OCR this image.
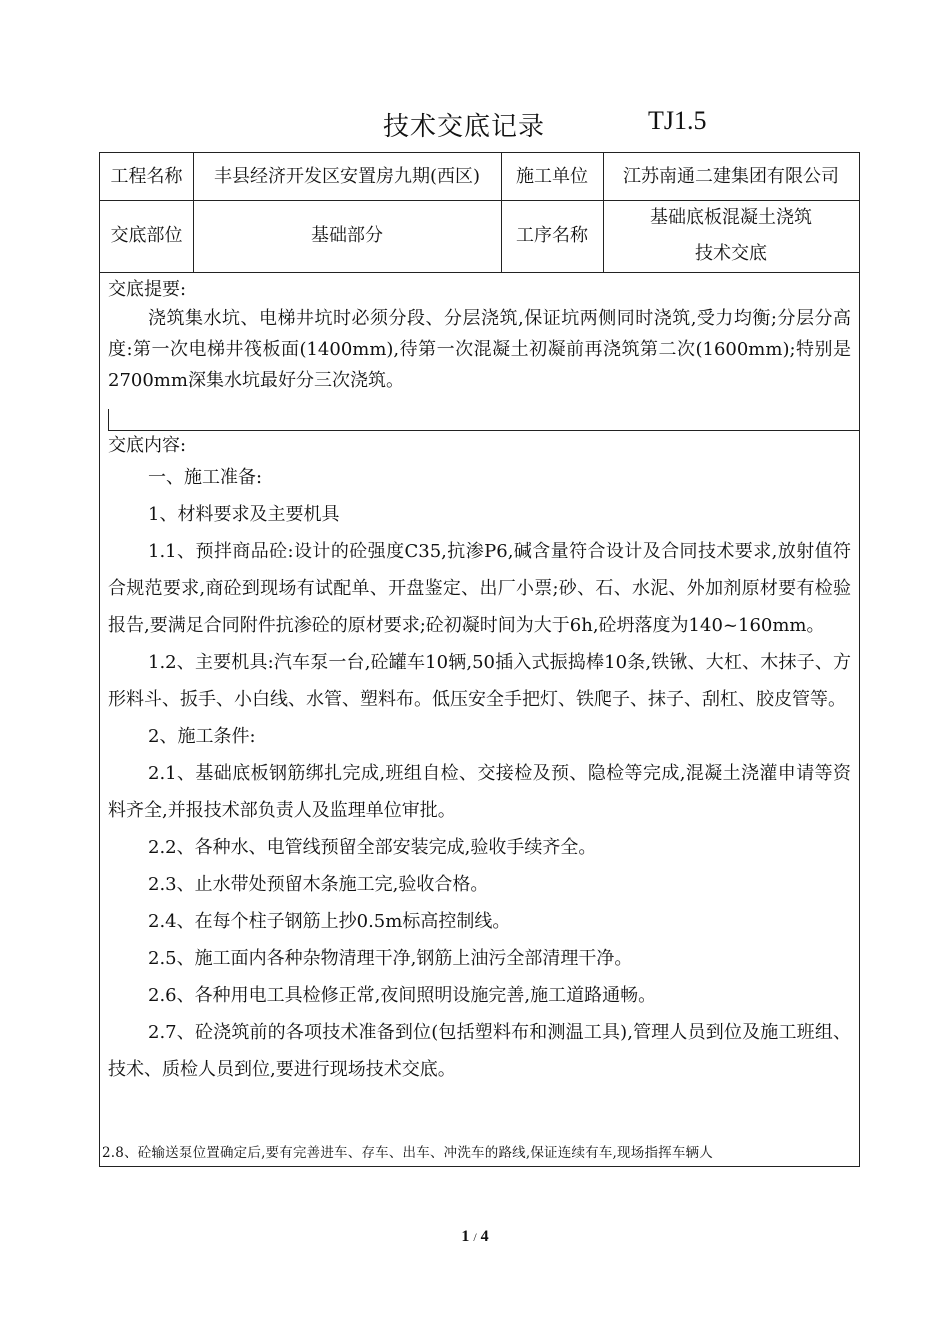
技术交底记录	TJ1.5
工程名称	丰县经济开发区安置房九期(西区)	施工单位	江苏南通二建集团有限公司
交底部位	基础部分	工序名称
基础底板混凝土浇筑
技术交底
交底提要:

浇筑集水坑、电梯井坑时必须分段、分层浇筑,保证坑两侧同时浇筑,受力均衡;分层分高度:第一次电梯井筏板面(1400mm),待第一次混凝土初凝前再浇筑第二次(1600mm);特别是2700mm深集水坑最好分三次浇筑。

交底内容:

一、施工准备:

1、材料要求及主要机具

1.1、预拌商品砼:设计的砼强度C35,抗渗P6,碱含量符合设计及合同技术要求,放射值符合规范要求,商砼到现场有试配单、开盘鉴定、出厂小票;砂、石、水泥、外加剂原材要有检验报告,要满足合同附件抗渗砼的原材要求;砼初凝时间为大于6h,砼坍落度为140~160mm。

1.2、主要机具:汽车泵一台,砼罐车10辆,50插入式振捣棒10条,铁锹、大杠、木抹子、方形料斗、扳手、小白线、水管、塑料布。低压安全手把灯、铁爬子、抹子、刮杠、胶皮管等。

2、施工条件:

2.1、基础底板钢筋绑扎完成,班组自检、交接检及预、隐检等完成,混凝土浇灌申请等资料齐全,并报技术部负责人及监理单位审批。

2.2、各种水、电管线预留全部安装完成,验收手续齐全。

2.3、止水带处预留木条施工完,验收合格。

2.4、在每个柱子钢筋上抄0.5m标高控制线。

2.5、施工面内各种杂物清理干净,钢筋上油污全部清理干净。

2.6、各种用电工具检修正常,夜间照明设施完善,施工道路通畅。

2.7、砼浇筑前的各项技术准备到位(包括塑料布和测温工具),管理人员到位及施工班组、技术、质检人员到位,要进行现场技术交底。

2.8、砼输送泵位置确定后,要有完善进车、存车、出车、冲洗车的路线,保证连续有车,现场指挥车辆人
1 / 4
